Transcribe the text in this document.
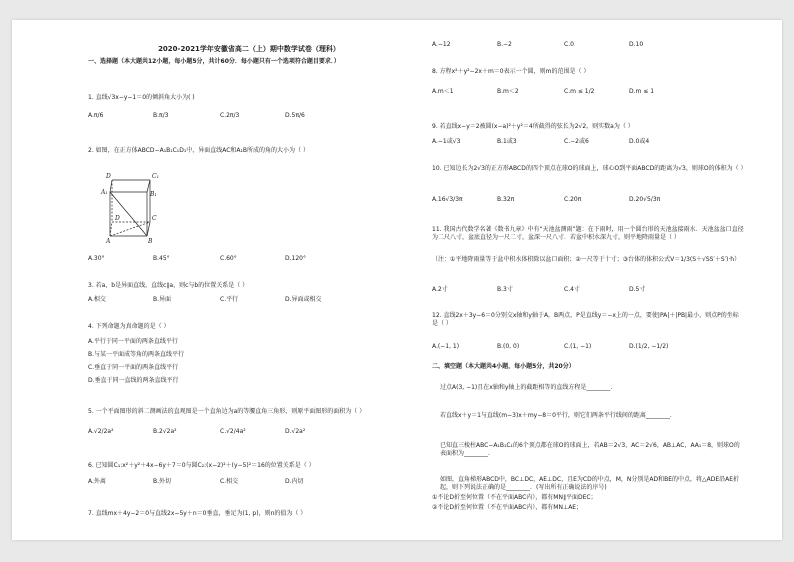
2020-2021学年安徽省高二（上）期中数学试卷（理科）
一、选择题（本大题共12小题，每小题5分，共计60分．每小题只有一个选项符合题目要求．）
1. 直线√3x−y−1＝0的倾斜角大小为( )
A.π/6	B.π/3	C.2π/3	D.5π/6
2. 如图，在正方体ABCD−A₁B₁C₁D₁中，异面直线AC和A₁B所成的角的大小为（ ）
D	C₁
A₁	B₁
D	C
A	B
A.30°	B.45°	C.60°	D.120°
3. 若a，b是异面直线，直线c∥a，则c与b的位置关系是（ ）
A.相交	B.异面	C.平行	D.异面或相交
4. 下列命题为真命题的是（ ）
A.平行于同一平面的两条直线平行
B.与某一平面成等角的两条直线平行
C.垂直于同一平面的两条直线平行
D.垂直于同一直线的两条直线平行
5. 一个平面图形的斜二测画法的直观图是一个直角边为a的等腰直角三角形，则原平面图形的面积为（ ）
A.√2/2a²	B.2√2a²	C.√2/4a²	D.√2a²
6. 已知圆C₁:x²＋y²＋4x−6y＋7＝0与圆C₂:(x−2)²＋(y−5)²＝16的位置关系是（ ）
A.外离	B.外切	C.相交	D.内切
7. 直线mx＋4y−2＝0与直线2x−5y＋n＝0垂直，垂足为(1, p)，则n的值为（ ）
A.−12	B.−2	C.0	D.10
8. 方程x²＋y²−2x＋m＝0表示一个圆，则m的范围是（ ）
A.m＜1	B.m＜2	C.m ≤ 1/2	D.m ≤ 1
9. 若直线x−y＝2被圆(x−a)²＋y²＝4所截得的弦长为2√2，则实数a为（ ）
A.−1或√3	B.1或3	C.−2或6	D.0或4
10. 已知边长为2√3的正方形ABCD的四个顶点在球O的球面上，球心O到平面ABCD的距离为√3，则球O的体积为（ ）
A.16√3/3π	B.32π	C.20π	D.20√5/3π
11. 我国古代数学名著《数书九章》中有“天池盆测雨”题：在下雨时，用一个圆台形的天池盆接雨水．天池盆盆口直径为二尺八寸，盆底直径为一尺二寸，盆深一尺八寸．若盆中积水深九寸，则平地降雨量是（ ）
（注：①平地降雨量等于盆中积水体积除以盆口面积；②一尺等于十寸；③台体的体积公式V＝1/3(S＋√SS′＋S′)·h）
A.2寸	B.3寸	C.4寸	D.5寸
12. 直线2x＋3y−6＝0分别交x轴和y轴于A，B两点，P是直线y＝−x上的一点，要使|PA|＋|PB|最小，则点P的坐标是（ ）
A.(−1, 1)	B.(0, 0)	C.(1, −1)	D.(1/2, −1/2)
二、填空题（本大题共4小题，每小题5分，共20分）
过点A(3, −1)且在x轴和y轴上的截距相等的直线方程是________.
若直线x＋y＝1与直线(m−3)x＋my−8＝0平行，则它们两条平行线间的距离________.
已知直三棱柱ABC−A₁B₁C₁的6个顶点都在球O的球面上，若AB＝2√3，AC＝2√6，AB⊥AC，AA₁＝8，则球O的表面积为________.
如图，直角梯形ABCD中，BC⊥DC，AE⊥DC，且E为CD的中点，M，N分别是AD和BE的中点，将△ADE沿AE折起，则下列说法正确的是________．(写出所有正确说法的序号)
①不论D折至何位置（不在平面ABC内），都有MN∥平面DEC；
②不论D折至何位置（不在平面ABC内），都有MN⊥AE；
